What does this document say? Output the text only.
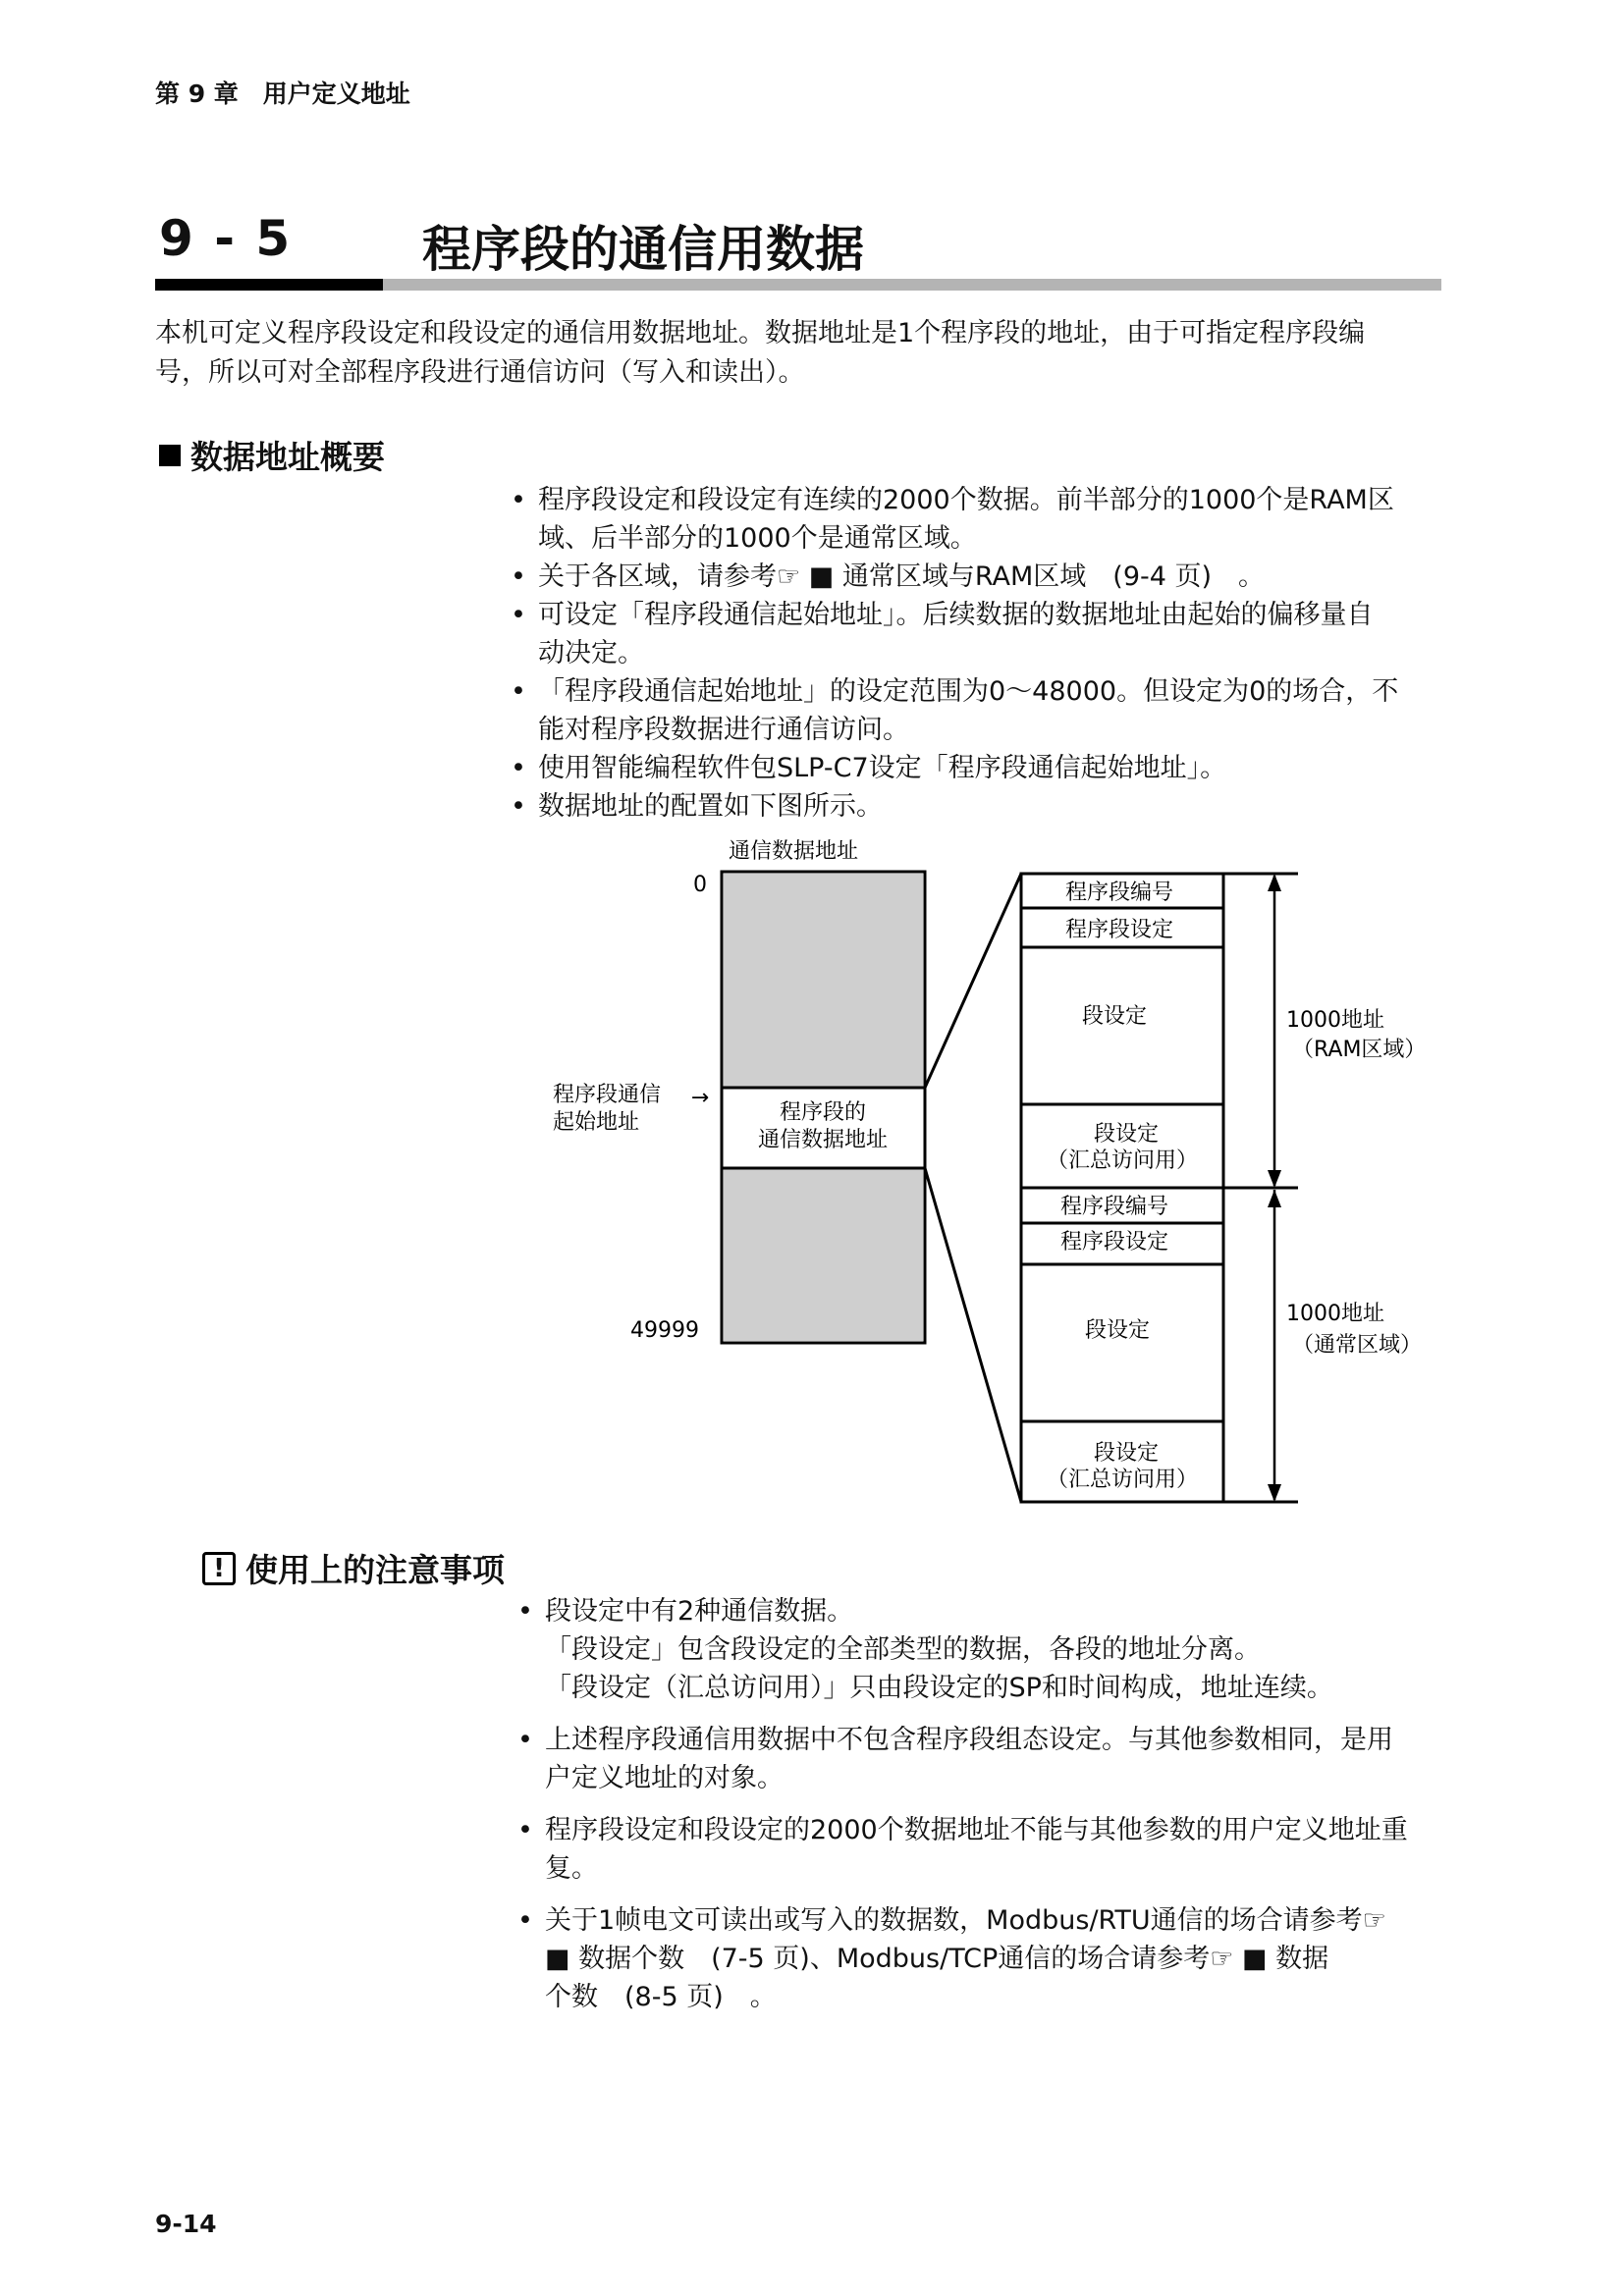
第 9 章　用户定义地址
9 - 5	程序段的通信用数据
本机可定义程序段设定和段设定的通信用数据地址。数据地址是1个程序段的地址，由于可指定程序段编
号，所以可对全部程序段进行通信访问（写入和读出）。
数据地址概要
• 程序段设定和段设定有连续的2000个数据。前半部分的1000个是RAM区
域、后半部分的1000个是通常区域。
• 关于各区域，请参考☞ ■ 通常区域与RAM区域　(9-4 页)　。
• 可设定「程序段通信起始地址」。后续数据的数据地址由起始的偏移量自
动决定。
• 「程序段通信起始地址」的设定范围为0～48000。但设定为0的场合，不
能对程序段数据进行通信访问。
• 使用智能编程软件包SLP-C7设定「程序段通信起始地址」。
• 数据地址的配置如下图所示。
通信数据地址
0
49999
程序段通信
起始地址
→
程序段的
通信数据地址
程序段编号
程序段设定
段设定
段设定
（汇总访问用）
程序段编号
程序段设定
段设定
段设定
（汇总访问用）
1000地址
（RAM区域）
1000地址
（通常区域）
! 使用上的注意事项
• 段设定中有2种通信数据。
「段设定」包含段设定的全部类型的数据，各段的地址分离。
「段设定（汇总访问用）」只由段设定的SP和时间构成，地址连续。
• 上述程序段通信用数据中不包含程序段组态设定。与其他参数相同，是用
户定义地址的对象。
• 程序段设定和段设定的2000个数据地址不能与其他参数的用户定义地址重
复。
• 关于1帧电文可读出或写入的数据数，Modbus/RTU通信的场合请参考☞
■ 数据个数　(7-5 页)、Modbus/TCP通信的场合请参考☞ ■ 数据
个数　(8-5 页)　。
9-14
